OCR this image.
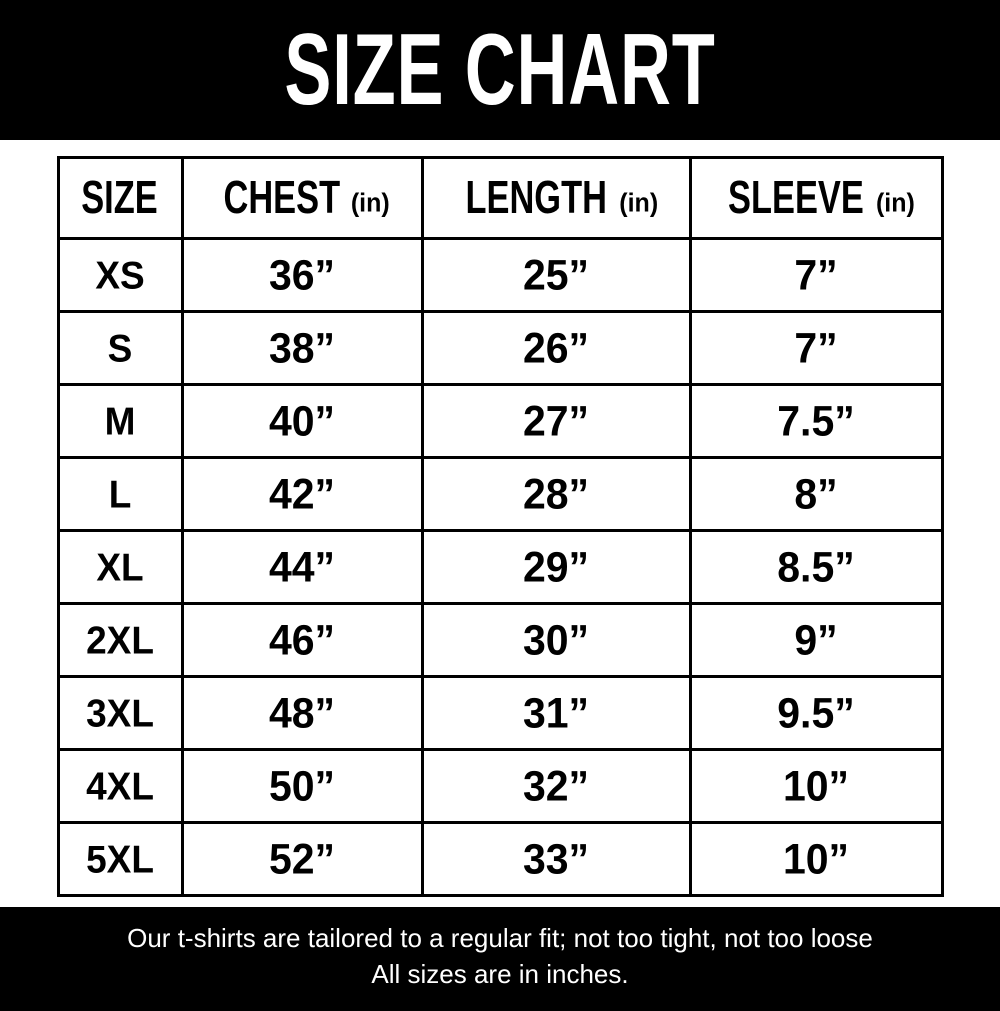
SIZE CHART
SIZE	CHEST (in)	LENGTH (in)	SLEEVE (in)
XS	36”	25”	7”
S	38”	26”	7”
M	40”	27”	7.5”
L	42”	28”	8”
XL	44”	29”	8.5”
2XL	46”	30”	9”
3XL	48”	31”	9.5”
4XL	50”	32”	10”
5XL	52”	33”	10”
Our t-shirts are tailored to a regular fit; not too tight, not too loose
All sizes are in inches.
